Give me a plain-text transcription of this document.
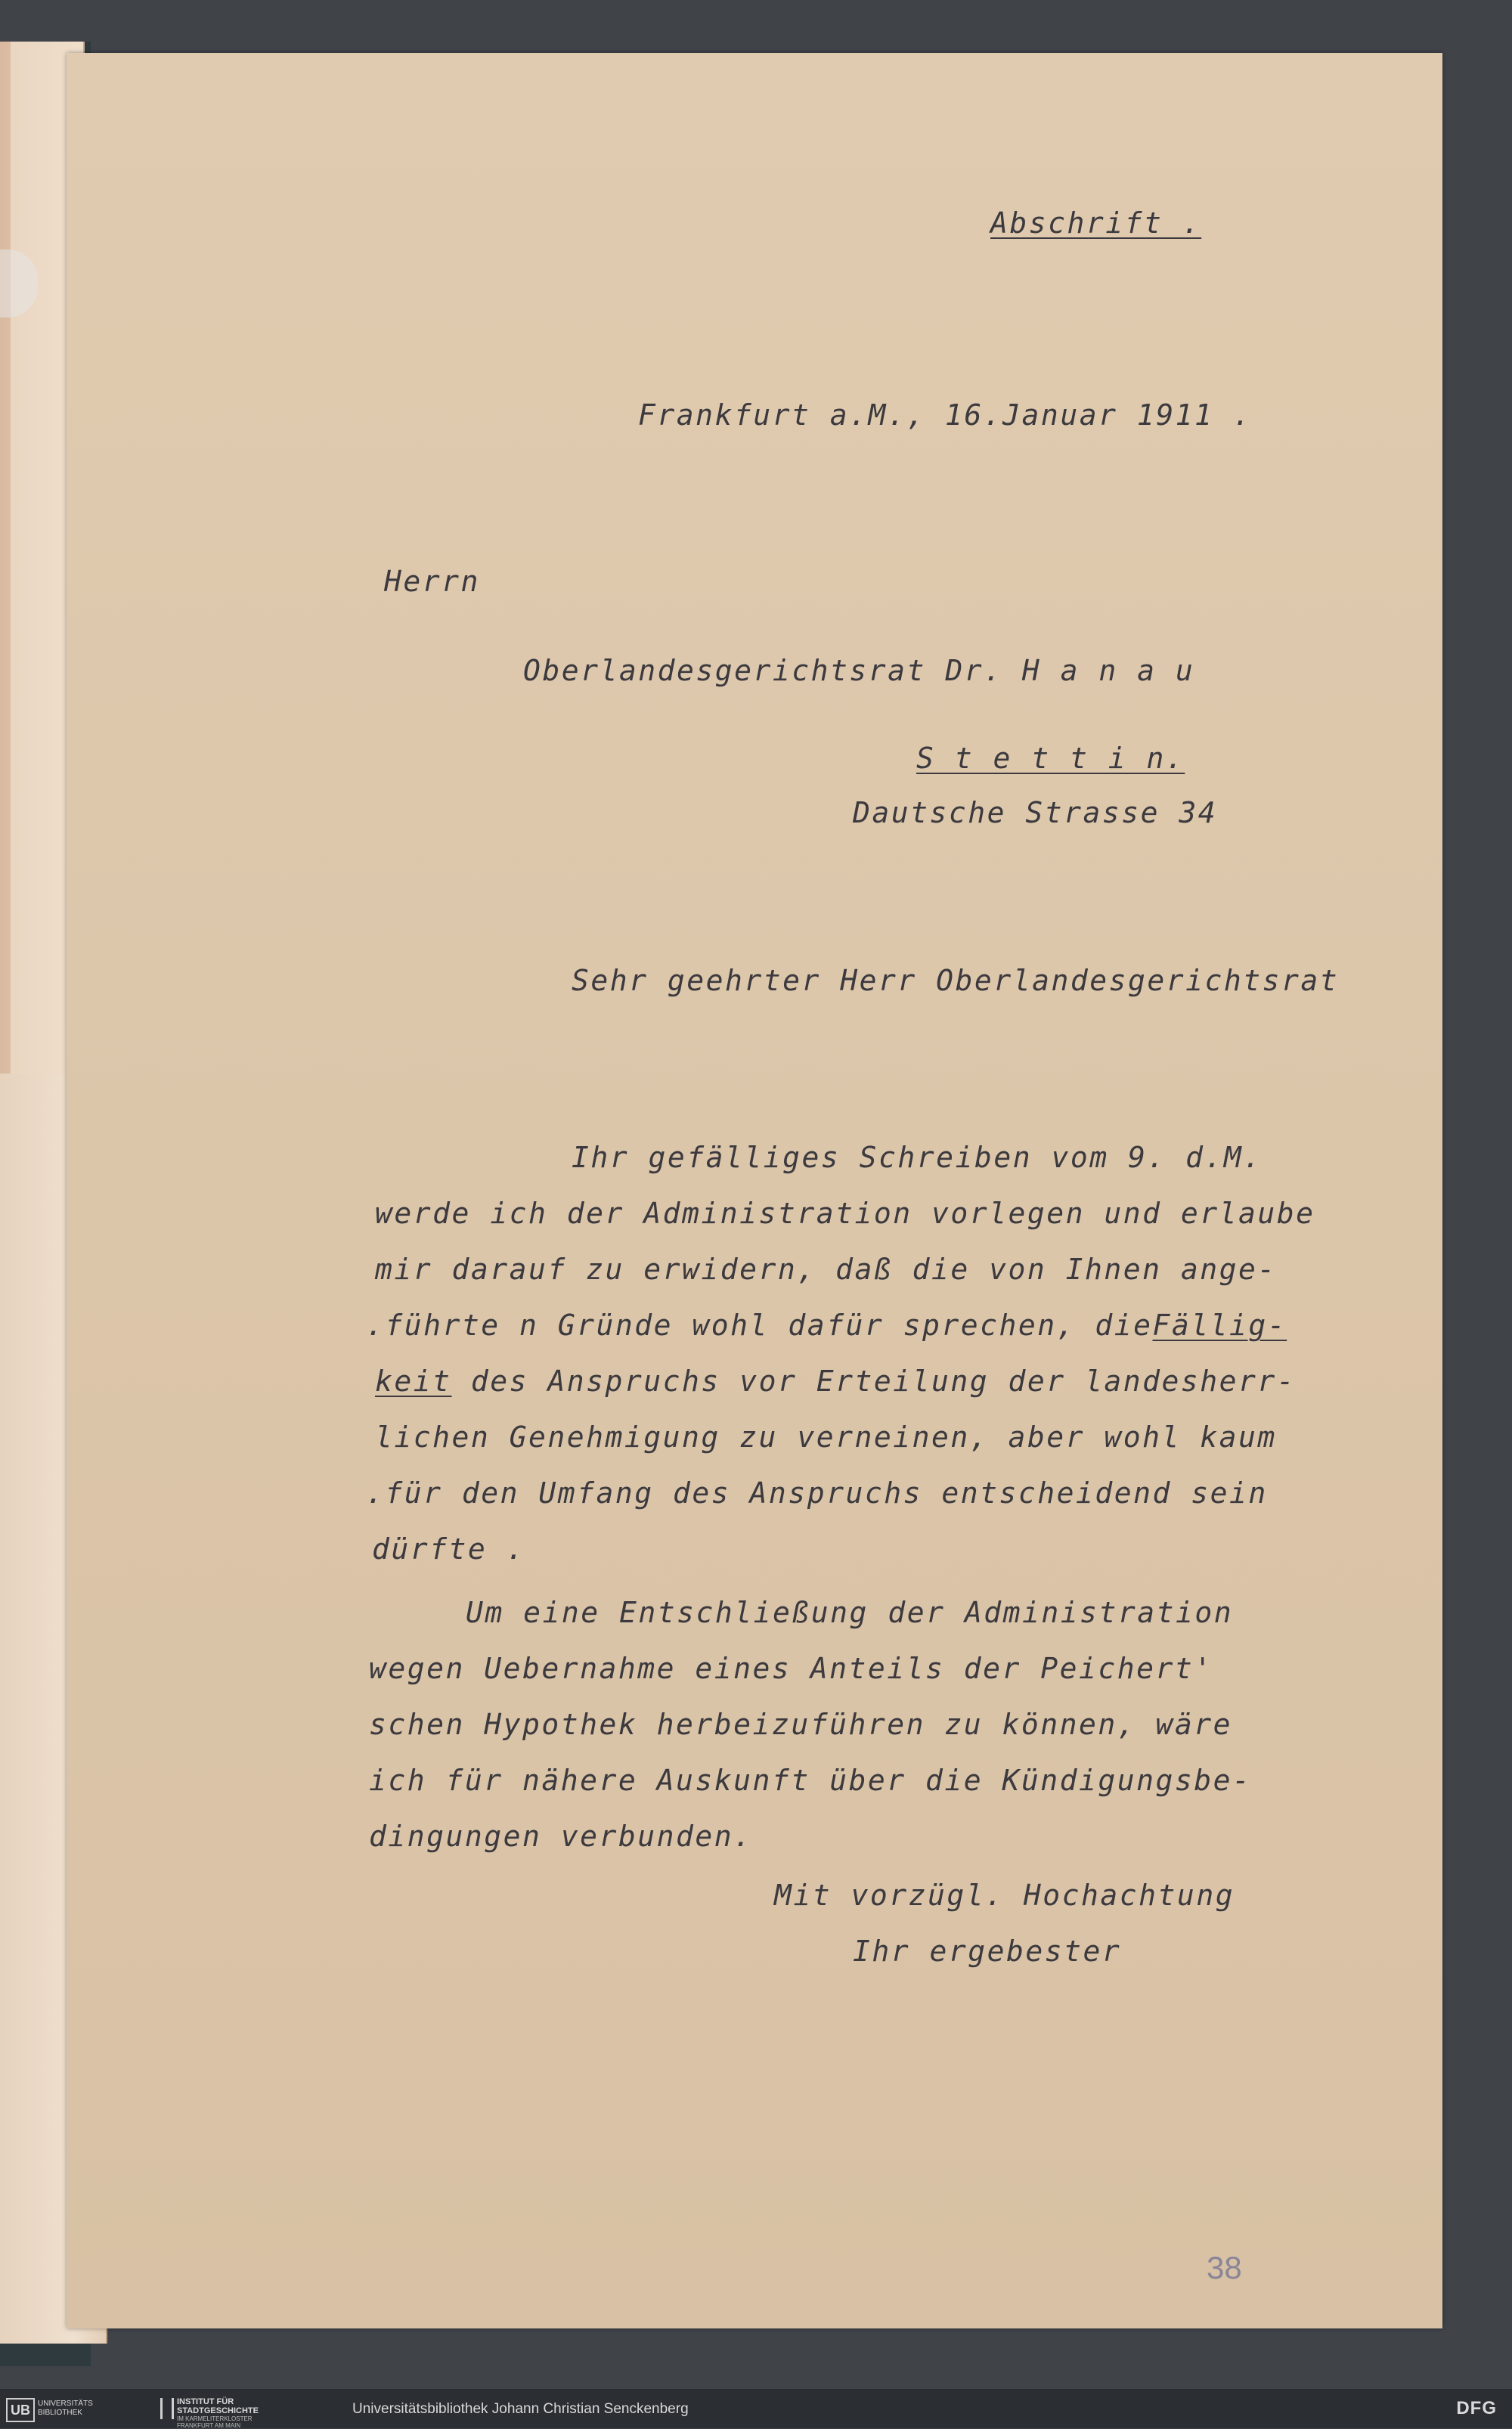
Abschrift .

Frankfurt a.M., 16.Januar 1911 .

Herrn

Oberlandesgerichtsrat Dr. H a n a u

S t e t t i n.

Dautsche Strasse 34

Sehr geehrter Herr Oberlandesgerichtsrat

Ihr gefälliges Schreiben vom 9. d.M.

werde ich der Administration vorlegen und erlaube

mir darauf zu erwidern, daß die von Ihnen ange-

.führte n Gründe wohl dafür sprechen, dieFällig-

keit des Anspruchs vor Erteilung der landesherr-

lichen Genehmigung zu verneinen, aber wohl kaum

.für den Umfang des Anspruchs entscheidend sein

dürfte .

Um eine Entschließung der Administration

wegen Uebernahme eines Anteils der Peichert'

schen Hypothek herbeizuführen zu können, wäre

ich für nähere Auskunft über die Kündigungsbe-

dingungen verbunden.

Mit vorzügl. Hochachtung

Ihr ergebester

38
UB	UNIVERSITÄTS
BIBLIOTHEK
INSTITUT FÜR
STADTGESCHICHTE
IM KARMELITERKLOSTER
FRANKFURT AM MAIN
Universitätsbibliothek Johann Christian Senckenberg	DFG
